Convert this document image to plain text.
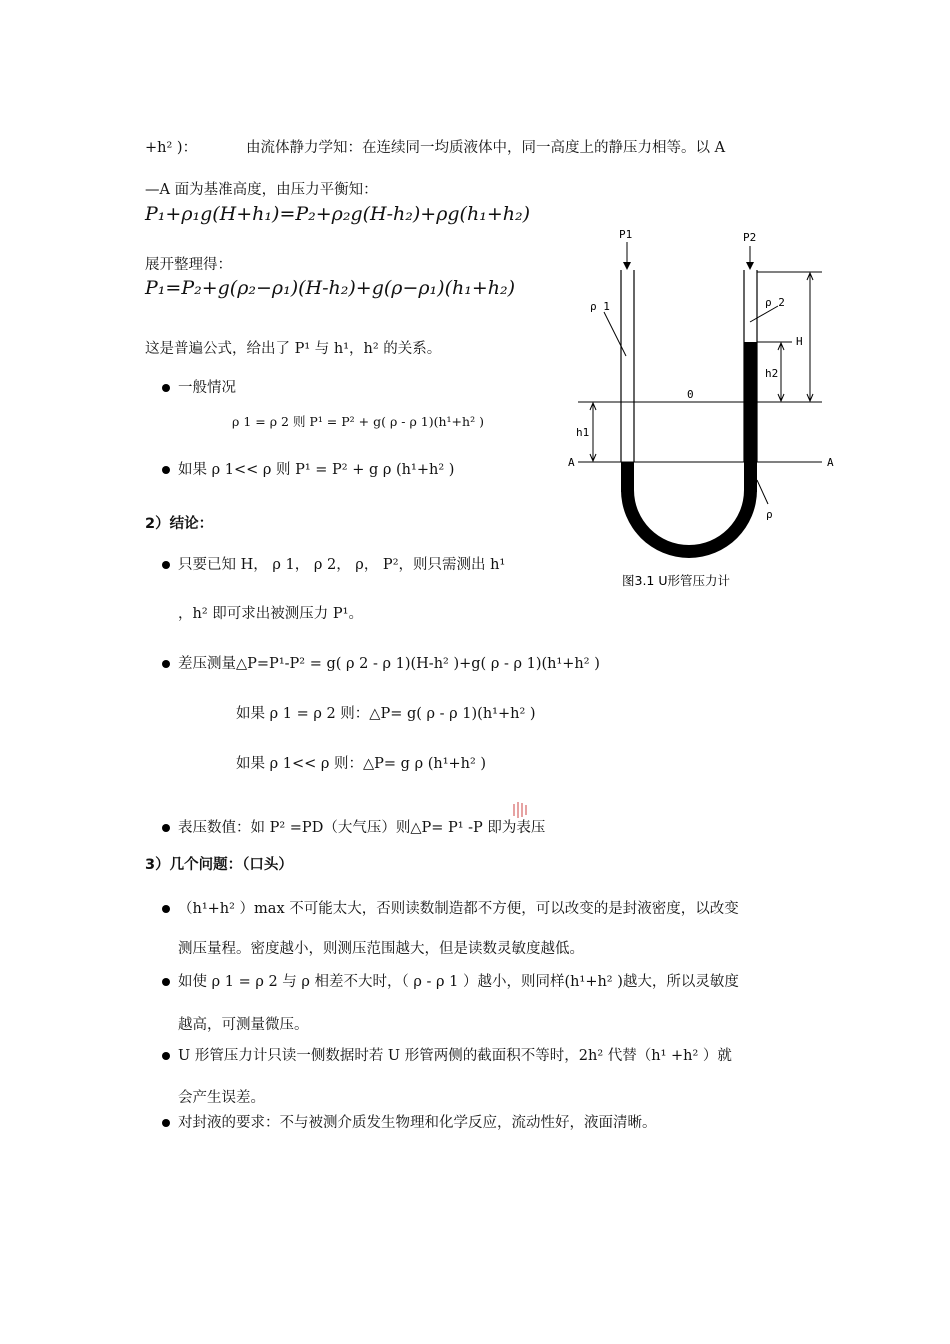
+h² )：	由流体静力学知：在连续同一均质液体中，同一高度上的静压力相等。以 A
—A 面为基准高度，由压力平衡知：
P₁+ρ₁g(H+h₁)=P₂+ρ₂g(H-h₂)+ρg(h₁+h₂)
展开整理得：
P₁=P₂+g(ρ₂−ρ₁)(H-h₂)+g(ρ−ρ₁)(h₁+h₂)
这是普遍公式，给出了 P¹ 与 h¹，h² 的关系。
一般情况
ρ 1 = ρ 2 则 P¹ = P² + g( ρ - ρ 1)(h¹+h² )
如果 ρ 1<< ρ 则 P¹ = P² + g ρ (h¹+h² )
2）结论：
只要已知 H， ρ 1， ρ 2， ρ， P²，则只需测出 h¹
，h² 即可求出被测压力 P¹。
差压测量△P=P¹-P² = g( ρ 2 - ρ 1)(H-h² )+g( ρ - ρ 1)(h¹+h² )
如果 ρ 1 = ρ 2 则：△P= g( ρ - ρ 1)(h¹+h² )
如果 ρ 1<< ρ 则：△P= g ρ (h¹+h² )
表压数值：如 P² =PD（大气压）则△P= P¹ -P 即为表压
3）几个问题：（口头）
（h¹+h² ）max 不可能太大，否则读数制造都不方便，可以改变的是封液密度，以改变
测压量程。密度越小，则测压范围越大，但是读数灵敏度越低。
如使 ρ 1 = ρ 2 与 ρ 相差不大时，（ ρ - ρ 1 ）越小，则同样(h¹+h² )越大，所以灵敏度
越高，可测量微压。
U 形管压力计只读一侧数据时若 U 形管两侧的截面积不等时，2h² 代替（h¹ +h² ）就
会产生误差。
对封液的要求：不与被测介质发生物理和化学反应，流动性好，液面清晰。
P1	P2
ρ 1	ρ 2
H
h2
h1
0
A	A
ρ
图3.1 U形管压力计
